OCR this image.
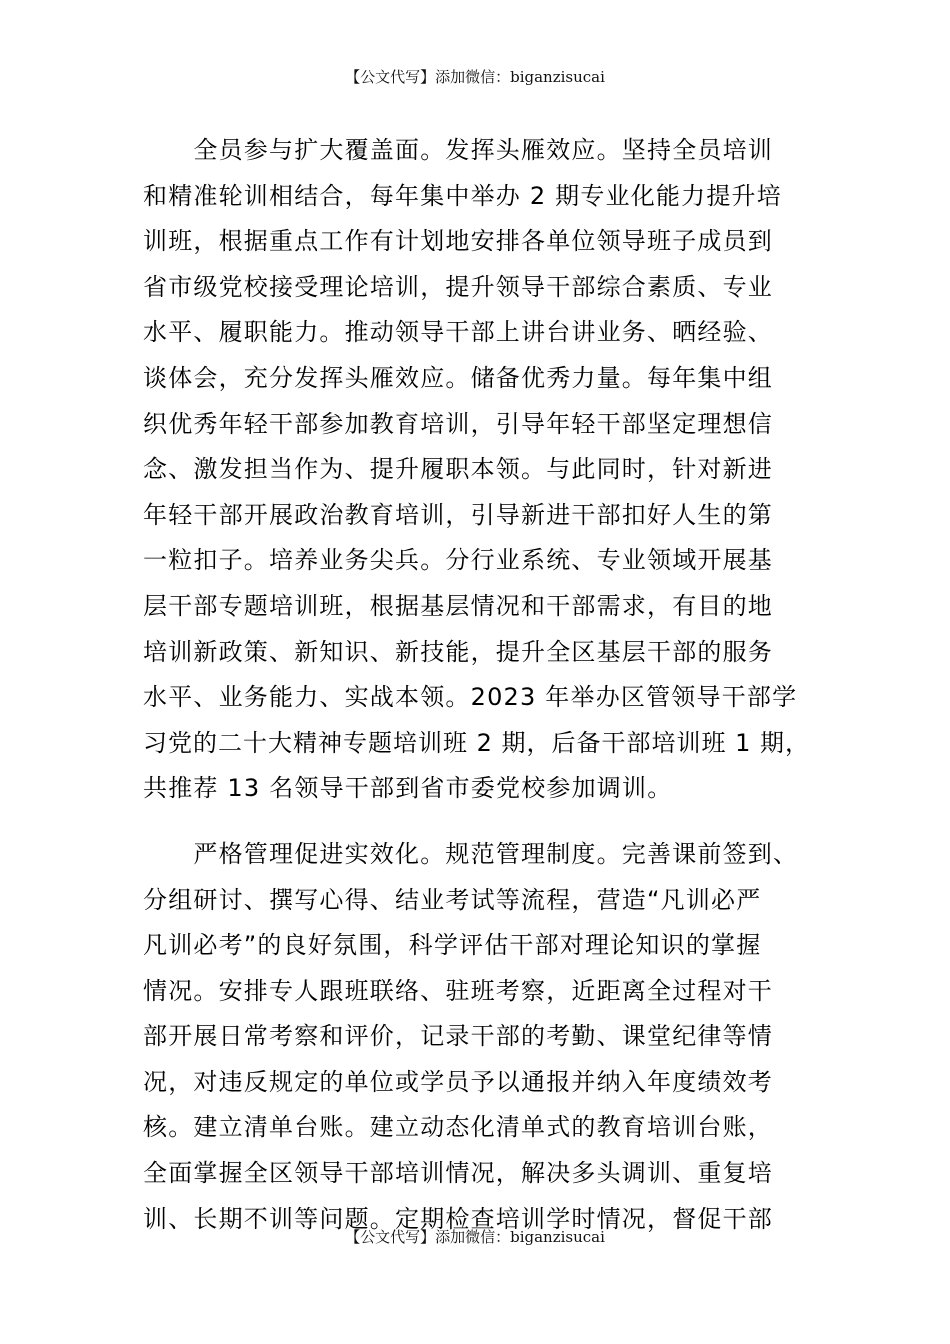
【公文代写】添加微信：biganzisucai
　　全员参与扩大覆盖面。发挥头雁效应。坚持全员培训
和精准轮训相结合，每年集中举办 2 期专业化能力提升培
训班，根据重点工作有计划地安排各单位领导班子成员到
省市级党校接受理论培训，提升领导干部综合素质、专业
水平、履职能力。推动领导干部上讲台讲业务、晒经验、
谈体会，充分发挥头雁效应。储备优秀力量。每年集中组
织优秀年轻干部参加教育培训，引导年轻干部坚定理想信
念、激发担当作为、提升履职本领。与此同时，针对新进
年轻干部开展政治教育培训，引导新进干部扣好人生的第
一粒扣子。培养业务尖兵。分行业系统、专业领域开展基
层干部专题培训班，根据基层情况和干部需求，有目的地
培训新政策、新知识、新技能，提升全区基层干部的服务
水平、业务能力、实战本领。2023 年举办区管领导干部学
习党的二十大精神专题培训班 2 期，后备干部培训班 1 期，
共推荐 13 名领导干部到省市委党校参加调训。
　　严格管理促进实效化。规范管理制度。完善课前签到、
分组研讨、撰写心得、结业考试等流程，营造“凡训必严
凡训必考”的良好氛围，科学评估干部对理论知识的掌握
情况。安排专人跟班联络、驻班考察，近距离全过程对干
部开展日常考察和评价，记录干部的考勤、课堂纪律等情
况，对违反规定的单位或学员予以通报并纳入年度绩效考
核。建立清单台账。建立动态化清单式的教育培训台账，
全面掌握全区领导干部培训情况，解决多头调训、重复培
训、长期不训等问题。定期检查培训学时情况，督促干部
【公文代写】添加微信：biganzisucai
